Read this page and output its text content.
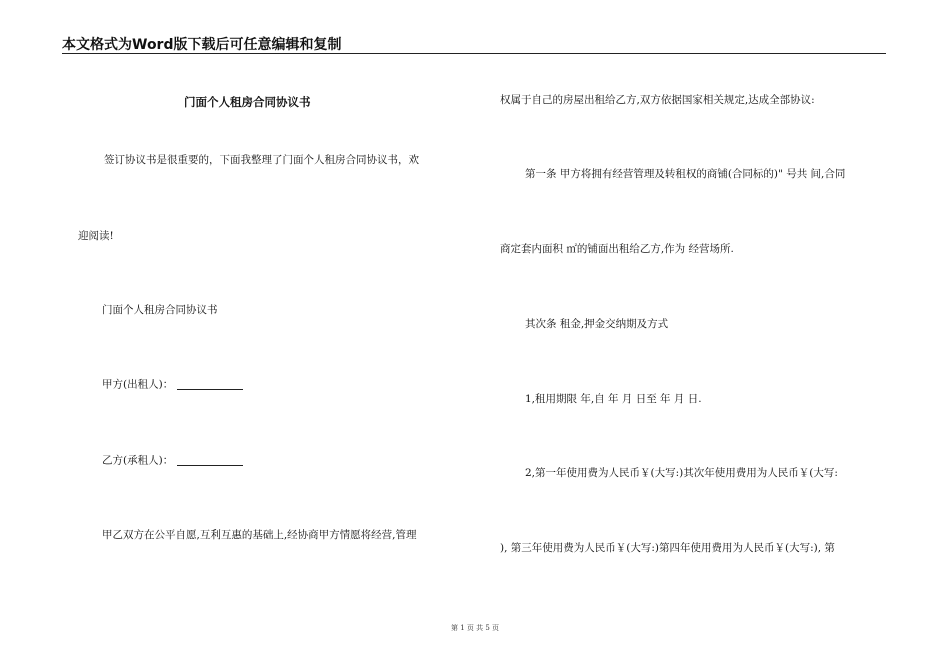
本文格式为Word版下载后可任意编辑和复制
门面个人租房合同协议书
签订协议书是很重要的，下面我整理了门面个人租房合同协议书，欢
迎阅读!
门面个人租房合同协议书
甲方(出租人)：
乙方(承租人)：
甲乙双方在公平自愿,互利互惠的基础上,经协商甲方情愿将经营,管理
权属于自己的房屋出租给乙方,双方依据国家相关规定,达成全部协议:
第一条 甲方将拥有经营管理及转租权的商铺(合同标的)" 号共 间,合同
商定套内面积 ㎡的铺面出租给乙方,作为 经营场所.
其次条 租金,押金交纳期及方式
1,租用期限 年,自 年 月 日至 年 月 日.
2,第一年使用费为人民币￥(大写:)其次年使用费用为人民币￥(大写:
), 第三年使用费为人民币￥(大写:)第四年使用费用为人民币￥(大写:), 第
第 1 页 共 5 页
